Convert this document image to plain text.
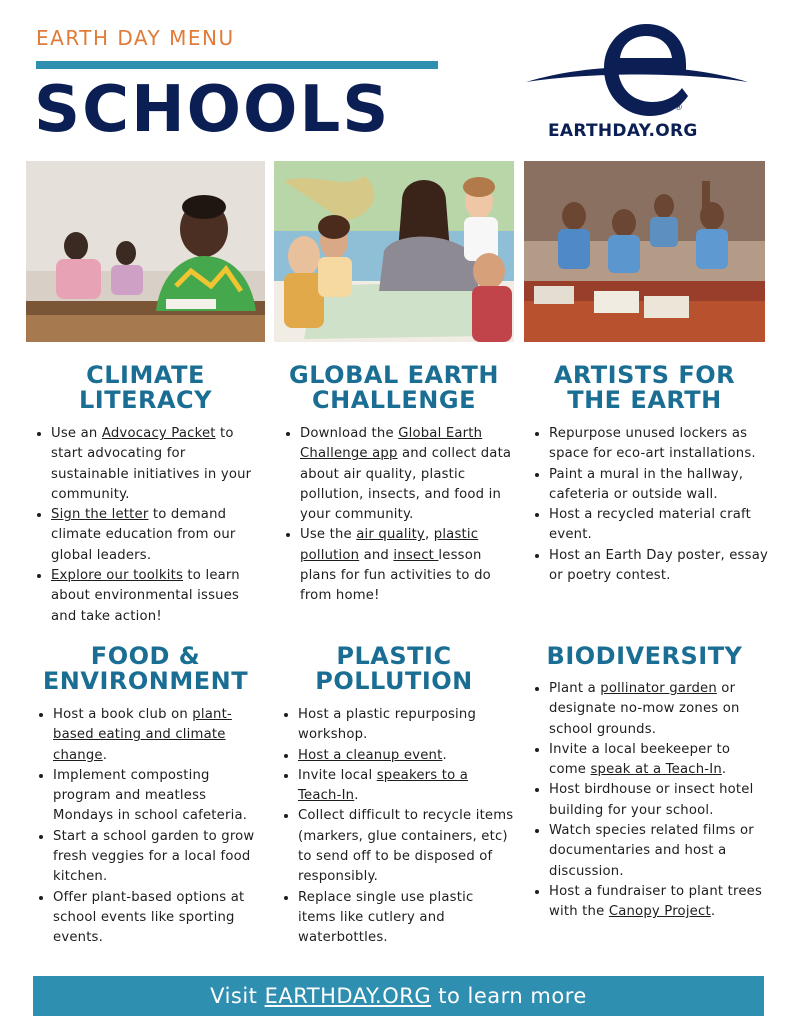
EARTH DAY MENU
SCHOOLS	®
EARTHDAY.ORG
CLIMATE
LITERACY
• Use an Advocacy Packet to start advocating for sustainable initiatives in your community.
• Sign the letter to demand climate education from our global leaders.
• Explore our toolkits to learn about environmental issues and take action!
FOOD &
ENVIRONMENT
• Host a book club on plant-based eating and climate change.
• Implement composting program and meatless Mondays in school cafeteria.
• Start a school garden to grow fresh veggies for a local food kitchen.
• Offer plant-based options at school events like sporting events.
GLOBAL EARTH
CHALLENGE
• Download the Global Earth Challenge app and collect data about air quality, plastic pollution, insects, and food in your community.
• Use the air quality, plastic pollution and insect lesson plans for fun activities to do from home!
PLASTIC
POLLUTION
• Host a plastic repurposing workshop.
• Host a cleanup event.
• Invite local speakers to a Teach-In.
• Collect difficult to recycle items (markers, glue containers, etc) to send off to be disposed of responsibly.
• Replace single use plastic items like cutlery and waterbottles.
ARTISTS FOR
THE EARTH
• Repurpose unused lockers as space for eco-art installations.
• Paint a mural in the hallway, cafeteria or outside wall.
• Host a recycled material craft event.
• Host an Earth Day poster, essay or poetry contest.
BIODIVERSITY
• Plant a pollinator garden or designate no-mow zones on school grounds.
• Invite a local beekeeper to come speak at a Teach-In.
• Host birdhouse or insect hotel building for your school.
• Watch species related films or documentaries and host a discussion.
• Host a fundraiser to plant trees with the Canopy Project.
Visit EARTHDAY.ORG to learn more
